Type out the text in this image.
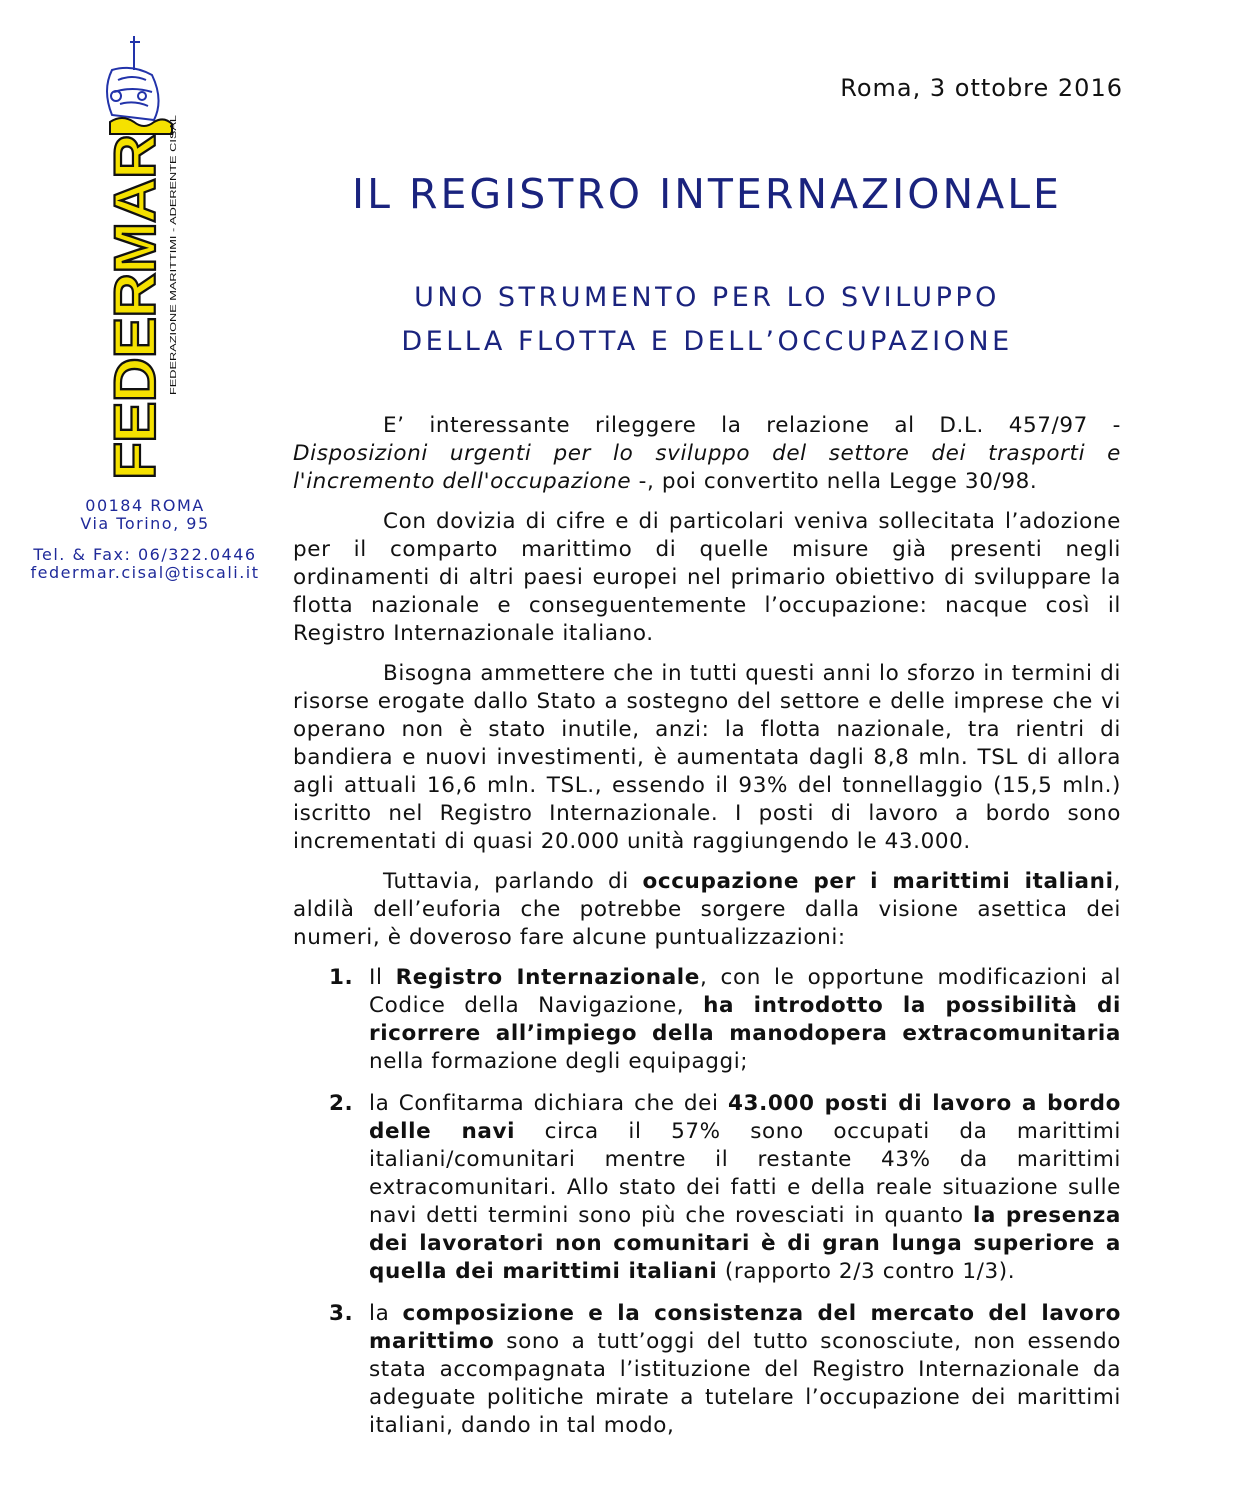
FEDERMAR FEDERAZIONE MARITTIMI - ADERENTE CISAL
00184 ROMA
Via Torino, 95
Tel. & Fax: 06/322.0446
federmar.cisal@tiscali.it
Roma, 3 ottobre 2016
IL REGISTRO INTERNAZIONALE
UNO STRUMENTO PER LO SVILUPPO
DELLA FLOTTA E DELL’OCCUPAZIONE

E’ interessante rileggere la relazione al D.L. 457/97 - Disposizioni urgenti per lo sviluppo del settore dei trasporti e l'incremento dell'occupazione -, poi convertito nella Legge 30/98.

Con dovizia di cifre e di particolari veniva sollecitata l’adozione per il comparto marittimo di quelle misure già presenti negli ordinamenti di altri paesi europei nel primario obiettivo di sviluppare la flotta nazionale e conseguentemente l’occupazione: nacque così il Registro Internazionale italiano.

Bisogna ammettere che in tutti questi anni lo sforzo in termini di risorse erogate dallo Stato a sostegno del settore e delle imprese che vi operano non è stato inutile, anzi: la flotta nazionale, tra rientri di bandiera e nuovi investimenti, è aumentata dagli 8,8 mln. TSL di allora agli attuali 16,6 mln. TSL., essendo il 93% del tonnellaggio (15,5 mln.) iscritto nel Registro Internazionale. I posti di lavoro a bordo sono incrementati di quasi 20.000 unità raggiungendo le 43.000.

Tuttavia, parlando di occupazione per i marittimi italiani, aldilà dell’euforia che potrebbe sorgere dalla visione asettica dei numeri, è doveroso fare alcune puntualizzazioni:

1. Il Registro Internazionale, con le opportune modificazioni al Codice della Navigazione, ha introdotto la possibilità di ricorrere all’impiego della manodopera extracomunitaria nella formazione degli equipaggi;
2. la Confitarma dichiara che dei 43.000 posti di lavoro a bordo delle navi circa il 57% sono occupati da marittimi italiani/comunitari mentre il restante 43% da marittimi extracomunitari. Allo stato dei fatti e della reale situazione sulle navi detti termini sono più che rovesciati in quanto la presenza dei lavoratori non comunitari è di gran lunga superiore a quella dei marittimi italiani (rapporto 2/3 contro 1/3).
3. la composizione e la consistenza del mercato del lavoro marittimo sono a tutt’oggi del tutto sconosciute, non essendo stata accompagnata l’istituzione del Registro Internazionale da adeguate politiche mirate a tutelare l’occupazione dei marittimi italiani, dando in tal modo,
